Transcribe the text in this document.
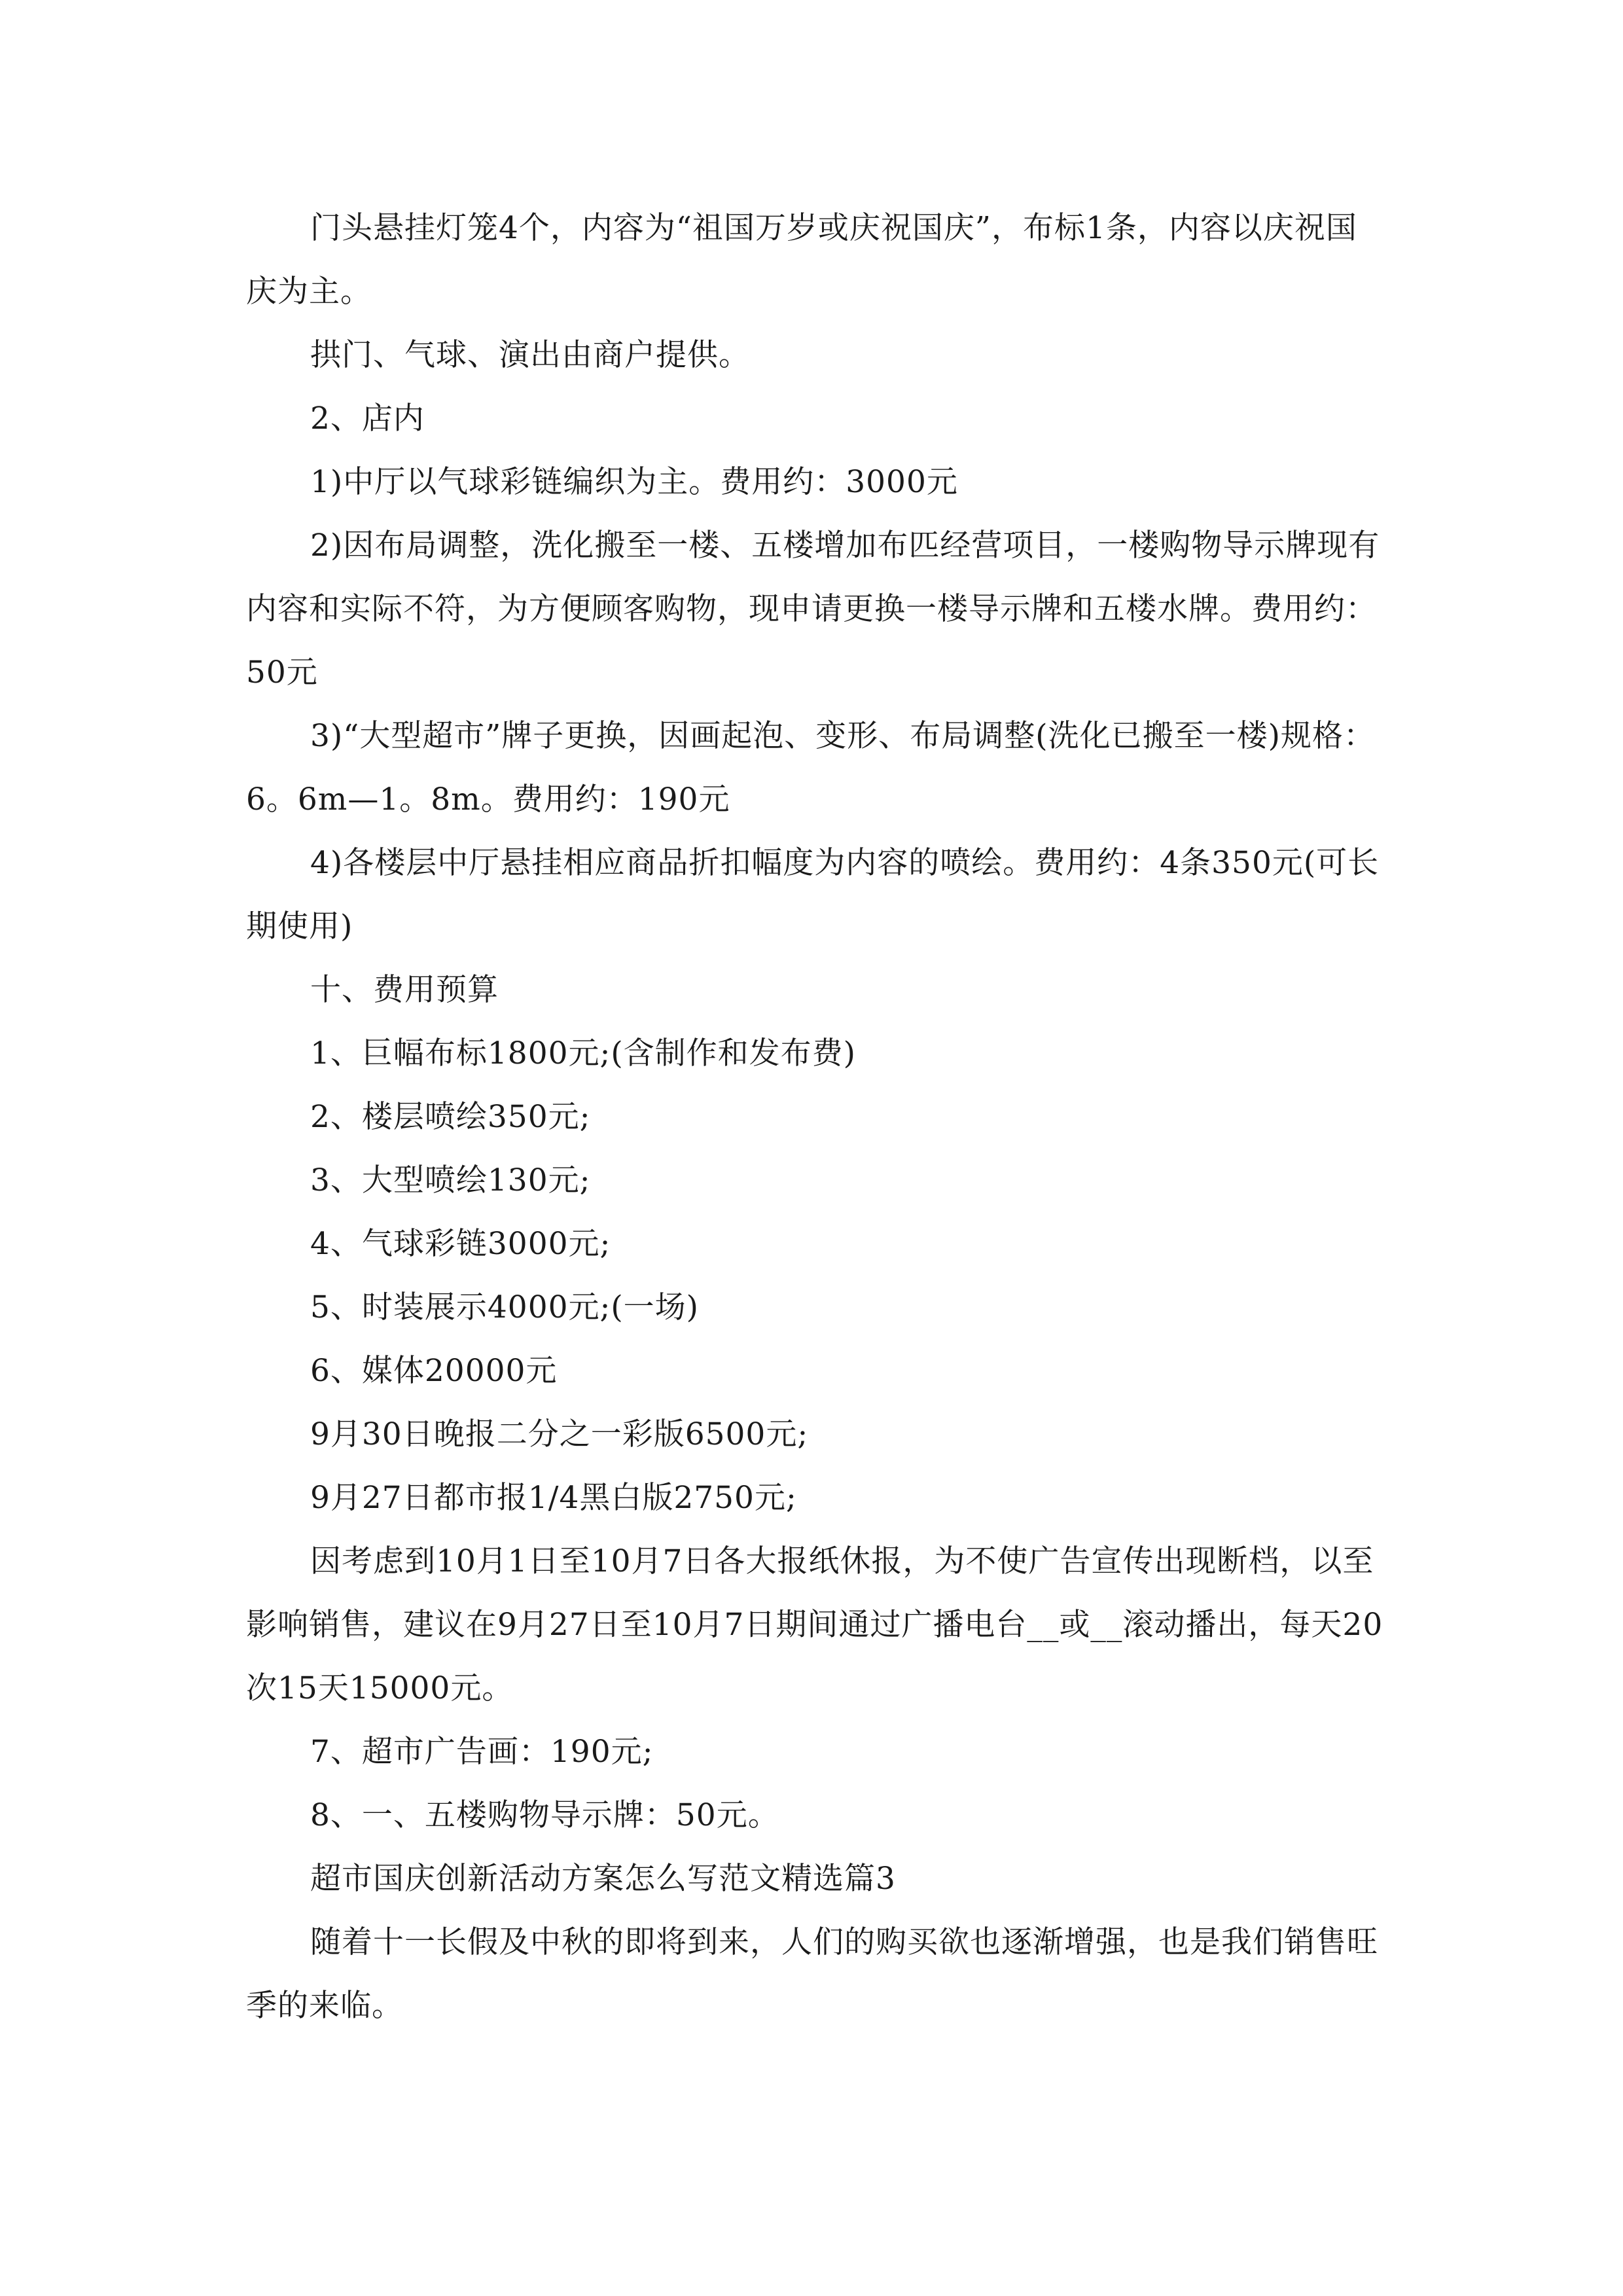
门头悬挂灯笼4个，内容为“祖国万岁或庆祝国庆”，布标1条，内容以庆祝国庆为主。

拱门、气球、演出由商户提供。

2、店内

1)中厅以气球彩链编织为主。费用约：3000元

2)因布局调整，洗化搬至一楼、五楼增加布匹经营项目，一楼购物导示牌现有内容和实际不符，为方便顾客购物，现申请更换一楼导示牌和五楼水牌。费用约：50元

3)“大型超市”牌子更换，因画起泡、变形、布局调整(洗化已搬至一楼)规格：6。6m—1。8m。费用约：190元

4)各楼层中厅悬挂相应商品折扣幅度为内容的喷绘。费用约：4条350元(可长期使用)

十、费用预算

1、巨幅布标1800元;(含制作和发布费)

2、楼层喷绘350元;

3、大型喷绘130元;

4、气球彩链3000元;

5、时装展示4000元;(一场)

6、媒体20000元

9月30日晚报二分之一彩版6500元;

9月27日都市报1/4黑白版2750元;

因考虑到10月1日至10月7日各大报纸休报，为不使广告宣传出现断档，以至影响销售，建议在9月27日至10月7日期间通过广播电台__或__滚动播出，每天20次15天15000元。

7、超市广告画：190元;

8、一、五楼购物导示牌：50元。

超市国庆创新活动方案怎么写范文精选篇3

随着十一长假及中秋的即将到来，人们的购买欲也逐渐增强，也是我们销售旺季的来临。
